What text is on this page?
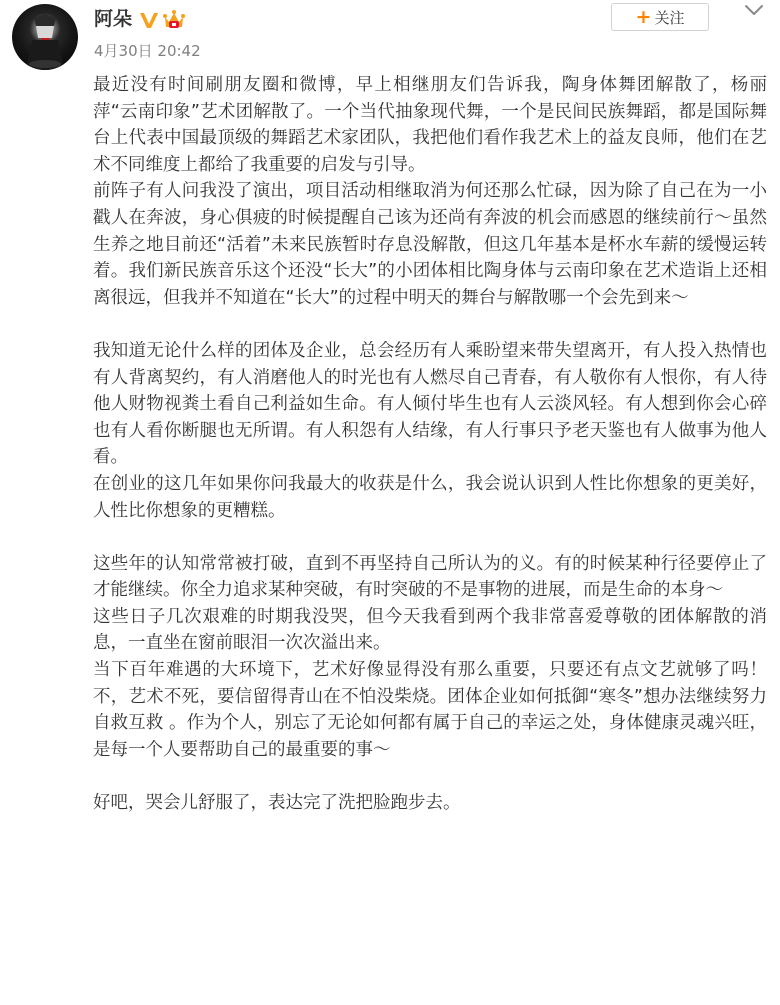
阿朵
4月30日 20:42
+ 关注

最近没有时间刷朋友圈和微博，早上相继朋友们告诉我，陶身体舞团解散了，杨丽萍“云南印象”艺术团解散了。一个当代抽象现代舞，一个是民间民族舞蹈，都是国际舞台上代表中国最顶级的舞蹈艺术家团队，我把他们看作我艺术上的益友良师，他们在艺术不同维度上都给了我重要的启发与引导。

前阵子有人问我没了演出，项目活动相继取消为何还那么忙碌，因为除了自己在为一小戳人在奔波，身心俱疲的时候提醒自己该为还尚有奔波的机会而感恩的继续前行～虽然生养之地目前还“活着”未来民族暂时存息没解散，但这几年基本是杯水车薪的缓慢运转着。我们新民族音乐这个还没“长大”的小团体相比陶身体与云南印象在艺术造诣上还相离很远，但我并不知道在“长大”的过程中明天的舞台与解散哪一个会先到来～

我知道无论什么样的团体及企业，总会经历有人乘盼望来带失望离开，有人投入热情也有人背离契约，有人消磨他人的时光也有人燃尽自己青春，有人敬你有人恨你，有人待他人财物视粪土看自己利益如生命。有人倾付毕生也有人云淡风轻。有人想到你会心碎也有人看你断腿也无所谓。有人积怨有人结缘，有人行事只予老天鉴也有人做事为他人看。

在创业的这几年如果你问我最大的收获是什么，我会说认识到人性比你想象的更美好，人性比你想象的更糟糕。

这些年的认知常常被打破，直到不再坚持自己所认为的义。有的时候某种行径要停止了才能继续。你全力追求某种突破，有时突破的不是事物的进展，而是生命的本身～

这些日子几次艰难的时期我没哭，但今天我看到两个我非常喜爱尊敬的团体解散的消息，一直坐在窗前眼泪一次次溢出来。

当下百年难遇的大环境下，艺术好像显得没有那么重要，只要还有点文艺就够了吗！不，艺术不死，要信留得青山在不怕没柴烧。团体企业如何抵御“寒冬”想办法继续努力自救互救 。作为个人，别忘了无论如何都有属于自己的幸运之处，身体健康灵魂兴旺，是每一个人要帮助自己的最重要的事～

好吧，哭会儿舒服了，表达完了洗把脸跑步去。
